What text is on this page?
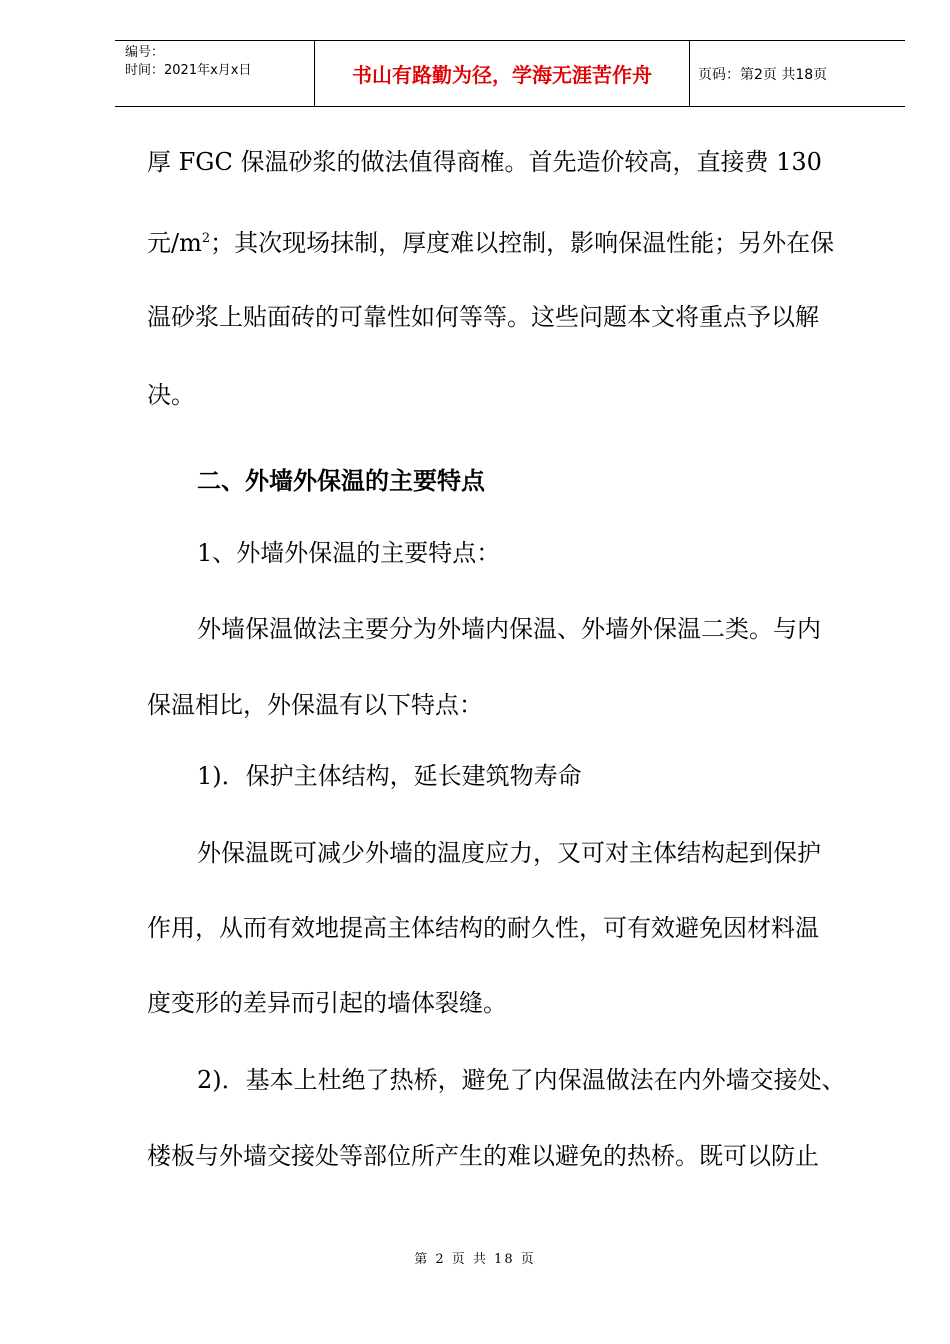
编号：
时间：2021年x月x日	书山有路勤为径，学海无涯苦作舟	页码：第2页 共18页
厚 FGC 保温砂浆的做法值得商榷。首先造价较高，直接费 130
元$/m^2$；其次现场抹制，厚度难以控制，影响保温性能；另外在保
温砂浆上贴面砖的可靠性如何等等。这些问题本文将重点予以解
决。
二、外墙外保温的主要特点
1、外墙外保温的主要特点：
外墙保温做法主要分为外墙内保温、外墙外保温二类。与内
保温相比，外保温有以下特点：
1)．保护主体结构，延长建筑物寿命
外保温既可减少外墙的温度应力，又可对主体结构起到保护
作用，从而有效地提高主体结构的耐久性，可有效避免因材料温
度变形的差异而引起的墙体裂缝。
2)．基本上杜绝了热桥，避免了内保温做法在内外墙交接处、
楼板与外墙交接处等部位所产生的难以避免的热桥。既可以防止
第 2 页 共 18 页
